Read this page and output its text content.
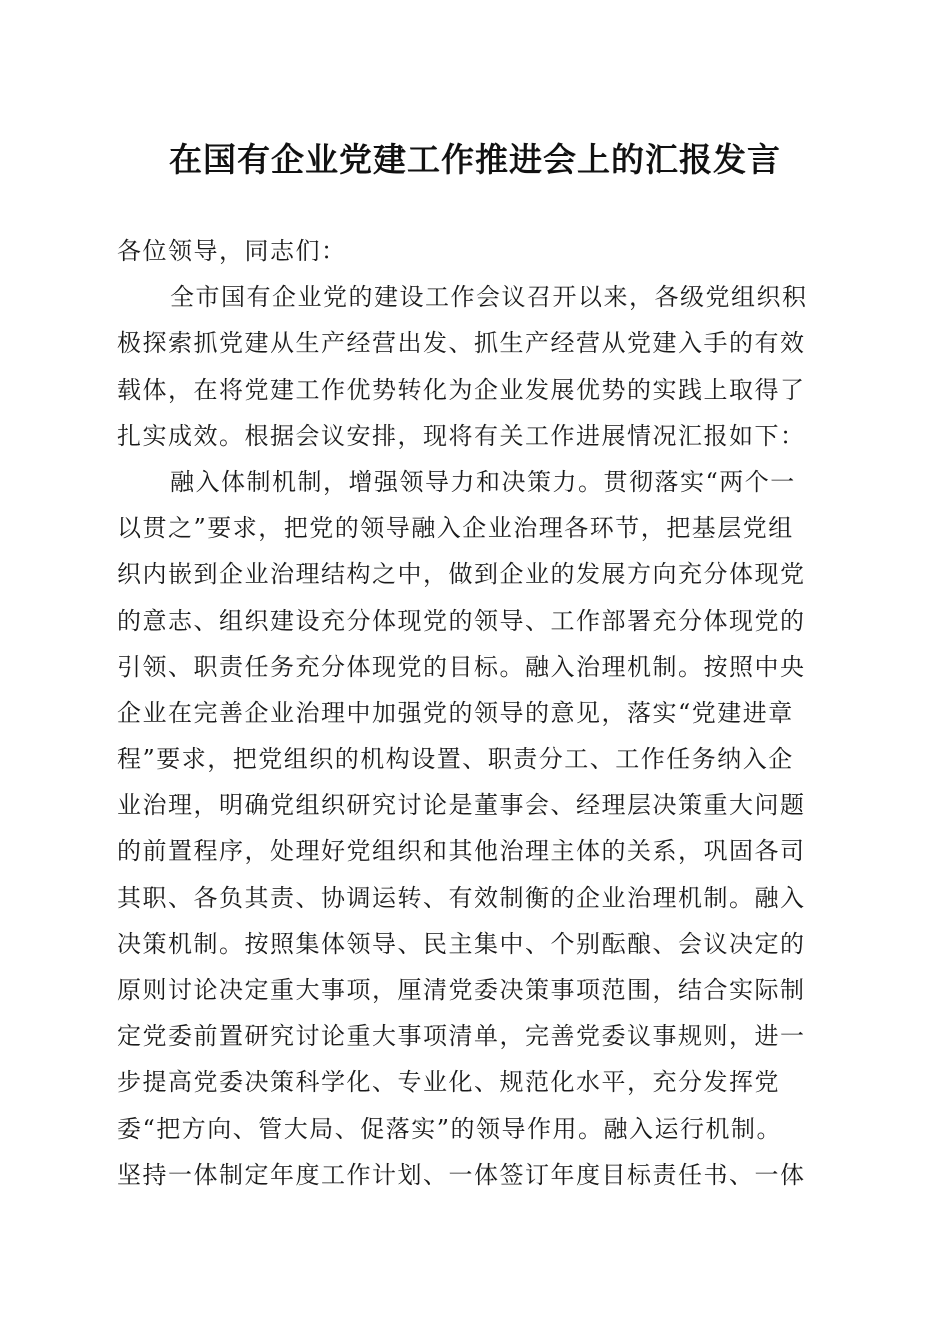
在国有企业党建工作推进会上的汇报发言
各位领导，同志们：
全市国有企业党的建设工作会议召开以来，各级党组织积
极探索抓党建从生产经营出发、抓生产经营从党建入手的有效
载体，在将党建工作优势转化为企业发展优势的实践上取得了
扎实成效。根据会议安排，现将有关工作进展情况汇报如下：
融入体制机制，增强领导力和决策力。贯彻落实“两个一
以贯之”要求，把党的领导融入企业治理各环节，把基层党组
织内嵌到企业治理结构之中，做到企业的发展方向充分体现党
的意志、组织建设充分体现党的领导、工作部署充分体现党的
引领、职责任务充分体现党的目标。融入治理机制。按照中央
企业在完善企业治理中加强党的领导的意见，落实“党建进章
程”要求，把党组织的机构设置、职责分工、工作任务纳入企
业治理，明确党组织研究讨论是董事会、经理层决策重大问题
的前置程序，处理好党组织和其他治理主体的关系，巩固各司
其职、各负其责、协调运转、有效制衡的企业治理机制。融入
决策机制。按照集体领导、民主集中、个别酝酿、会议决定的
原则讨论决定重大事项，厘清党委决策事项范围，结合实际制
定党委前置研究讨论重大事项清单，完善党委议事规则，进一
步提高党委决策科学化、专业化、规范化水平，充分发挥党
委“把方向、管大局、促落实”的领导作用。融入运行机制。
坚持一体制定年度工作计划、一体签订年度目标责任书、一体
